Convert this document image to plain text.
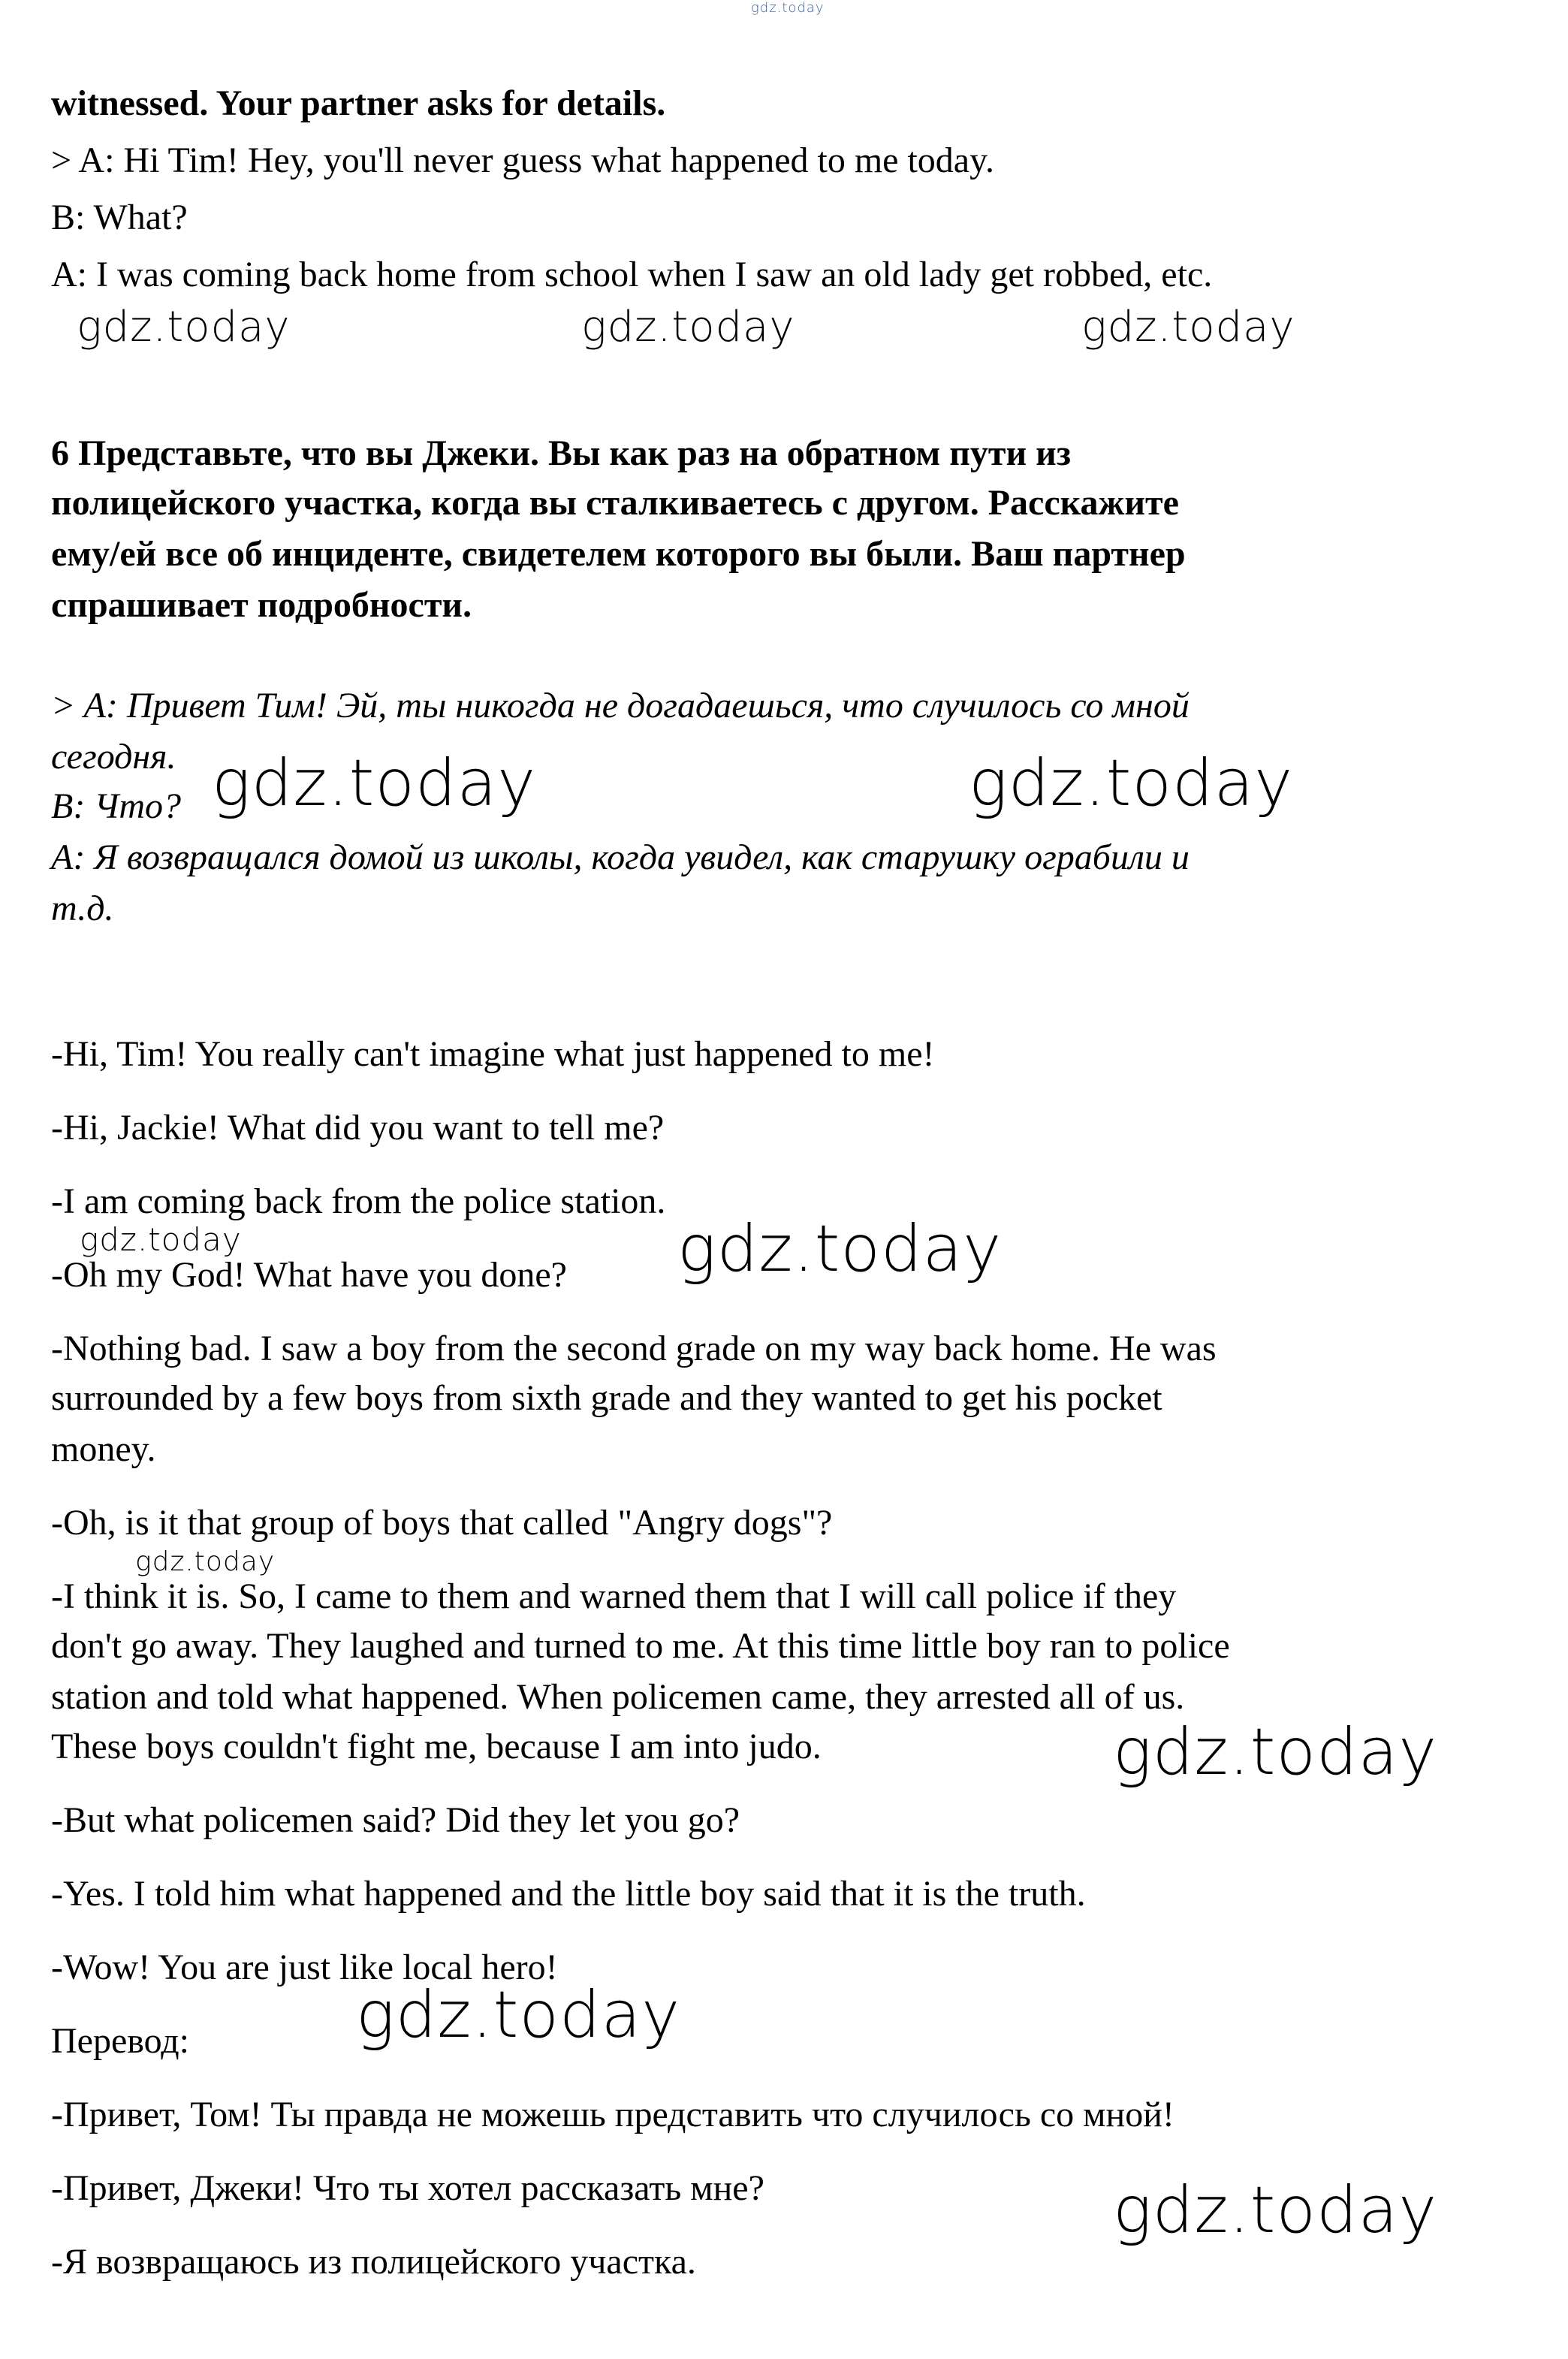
gdz.today
witnessed. Your partner asks for details.
> A: Hi Tim! Hey, you'll never guess what happened to me today.
B: What?
A: I was coming back home from school when I saw an old lady get robbed, etc.
gdz.today	gdz.today	gdz.today
6 Представьте, что вы Джеки. Вы как раз на обратном пути из
полицейского участка, когда вы сталкиваетесь с другом. Расскажите
ему/ей все об инциденте, свидетелем которого вы были. Ваш партнер
спрашивает подробности.
> A: Привет Тим! Эй, ты никогда не догадаешься, что случилось со мной
сегодня.
B: Что?
A: Я возвращался домой из школы, когда увидел, как старушку ограбили и
т.д.
gdz.today	gdz.today
-Hi, Tim! You really can't imagine what just happened to me!
-Hi, Jackie! What did you want to tell me?
-I am coming back from the police station.
-Oh my God! What have you done?
gdz.today	gdz.today
-Nothing bad. I saw a boy from the second grade on my way back home. He was
surrounded by a few boys from sixth grade and they wanted to get his pocket
money.
-Oh, is it that group of boys that called "Angry dogs"?
gdz.today
-I think it is. So, I came to them and warned them that I will call police if they
don't go away. They laughed and turned to me. At this time little boy ran to police
station and told what happened. When policemen came, they arrested all of us.
These boys couldn't fight me, because I am into judo.	gdz.today
-But what policemen said? Did they let you go?
-Yes. I told him what happened and the little boy said that it is the truth.
-Wow! You are just like local hero!
gdz.today
Перевод:
-Привет, Том! Ты правда не можешь представить что случилось со мной!
-Привет, Джеки! Что ты хотел рассказать мне?	gdz.today
-Я возвращаюсь из полицейского участка.
